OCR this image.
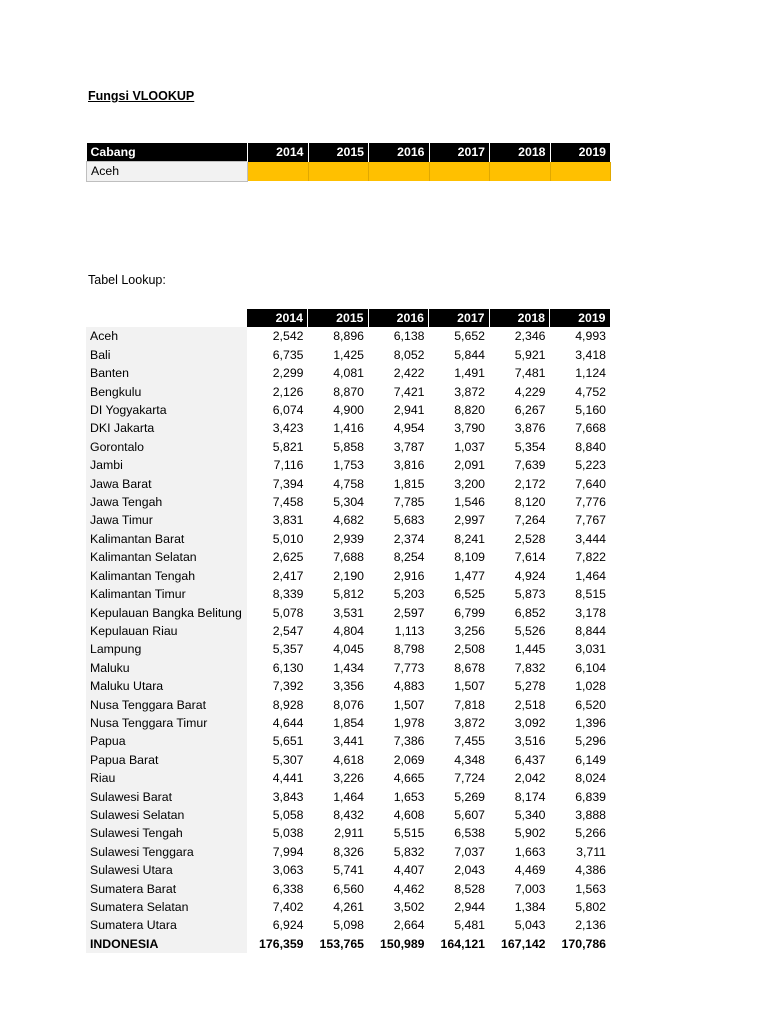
Fungsi VLOOKUP
Cabang	2014	2015	2016	2017	2018	2019
Aceh						
Tabel Lookup:
	2014	2015	2016	2017	2018	2019
Aceh	2,542	8,896	6,138	5,652	2,346	4,993
Bali	6,735	1,425	8,052	5,844	5,921	3,418
Banten	2,299	4,081	2,422	1,491	7,481	1,124
Bengkulu	2,126	8,870	7,421	3,872	4,229	4,752
DI Yogyakarta	6,074	4,900	2,941	8,820	6,267	5,160
DKI Jakarta	3,423	1,416	4,954	3,790	3,876	7,668
Gorontalo	5,821	5,858	3,787	1,037	5,354	8,840
Jambi	7,116	1,753	3,816	2,091	7,639	5,223
Jawa Barat	7,394	4,758	1,815	3,200	2,172	7,640
Jawa Tengah	7,458	5,304	7,785	1,546	8,120	7,776
Jawa Timur	3,831	4,682	5,683	2,997	7,264	7,767
Kalimantan Barat	5,010	2,939	2,374	8,241	2,528	3,444
Kalimantan Selatan	2,625	7,688	8,254	8,109	7,614	7,822
Kalimantan Tengah	2,417	2,190	2,916	1,477	4,924	1,464
Kalimantan Timur	8,339	5,812	5,203	6,525	5,873	8,515
Kepulauan Bangka Belitung	5,078	3,531	2,597	6,799	6,852	3,178
Kepulauan Riau	2,547	4,804	1,113	3,256	5,526	8,844
Lampung	5,357	4,045	8,798	2,508	1,445	3,031
Maluku	6,130	1,434	7,773	8,678	7,832	6,104
Maluku Utara	7,392	3,356	4,883	1,507	5,278	1,028
Nusa Tenggara Barat	8,928	8,076	1,507	7,818	2,518	6,520
Nusa Tenggara Timur	4,644	1,854	1,978	3,872	3,092	1,396
Papua	5,651	3,441	7,386	7,455	3,516	5,296
Papua Barat	5,307	4,618	2,069	4,348	6,437	6,149
Riau	4,441	3,226	4,665	7,724	2,042	8,024
Sulawesi Barat	3,843	1,464	1,653	5,269	8,174	6,839
Sulawesi Selatan	5,058	8,432	4,608	5,607	5,340	3,888
Sulawesi Tengah	5,038	2,911	5,515	6,538	5,902	5,266
Sulawesi Tenggara	7,994	8,326	5,832	7,037	1,663	3,711
Sulawesi Utara	3,063	5,741	4,407	2,043	4,469	4,386
Sumatera Barat	6,338	6,560	4,462	8,528	7,003	1,563
Sumatera Selatan	7,402	4,261	3,502	2,944	1,384	5,802
Sumatera Utara	6,924	5,098	2,664	5,481	5,043	2,136
INDONESIA	176,359	153,765	150,989	164,121	167,142	170,786
